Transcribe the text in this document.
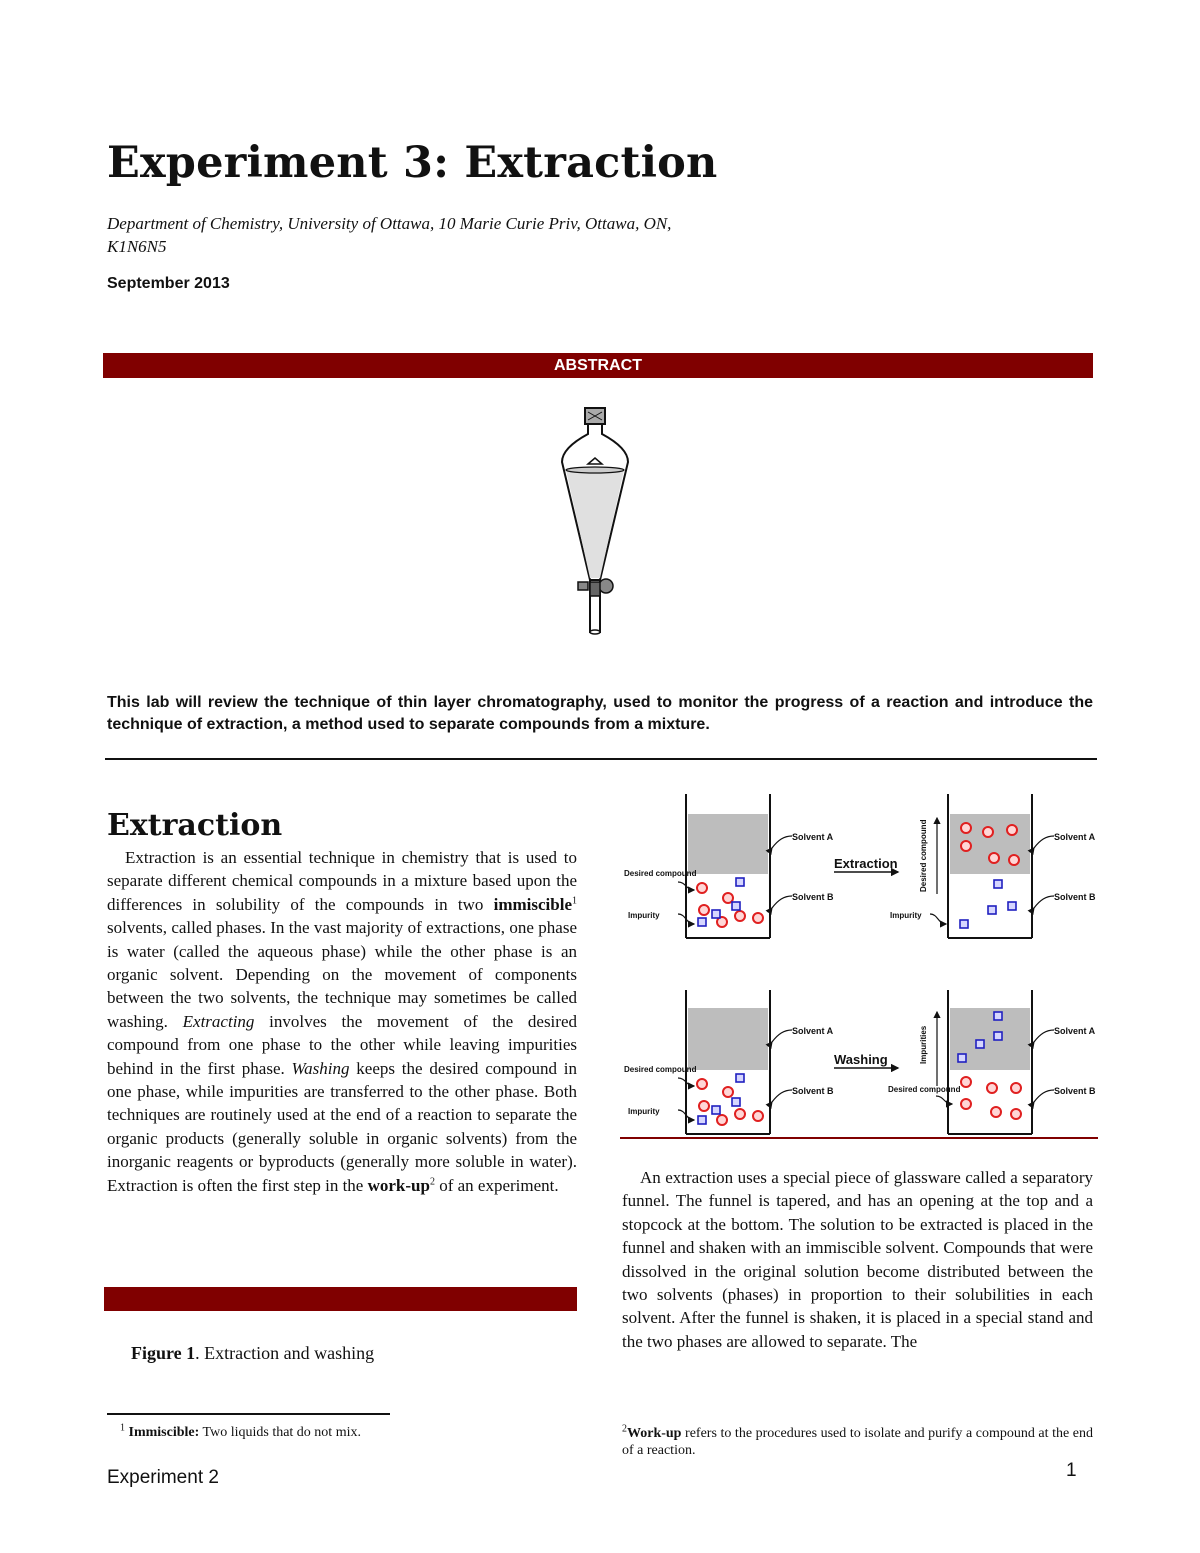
Experiment 3: Extraction
Department of Chemistry, University of Ottawa, 10 Marie Curie Priv, Ottawa, ON,
K1N6N5
September 2013
ABSTRACT
This lab will review the technique of thin layer chromatography, used to monitor the progress of a reaction and introduce the technique of extraction, a method used to separate compounds from a mixture.
Extraction

Extraction is an essential technique in chemistry that is used to separate different chemical compounds in a mixture based upon the differences in solubility of the compounds in two immiscible$^1$ solvents, called phases. In the vast majority of extractions, one phase is water (called the aqueous phase) while the other phase is an organic solvent. Depending on the movement of components between the two solvents, the technique may sometimes be called washing. Extracting involves the movement of the desired compound from one phase to the other while leaving impurities behind in the first phase. Washing keeps the desired compound in one phase, while impurities are transferred to the other phase. Both techniques are routinely used at the end of a reaction to separate the organic products (generally soluble in organic solvents) from the inorganic reagents or byproducts (generally more soluble in water). Extraction is often the first step in the work-$up^2$ of an experiment.

Figure 1. Extraction and washing
Solvent A
Solvent B
Solvent A
Solvent B
Solvent A
Solvent B
Solvent A
Solvent B
Desired compound
Impurity	Impurity
Desired compound
Impurity
Desired compound
Extraction
Washing
Desired compound
Impurities

An extraction uses a special piece of glassware called a separatory funnel. The funnel is tapered, and has an opening at the top and a stopcock at the bottom. The solution to be extracted is placed in the funnel and shaken with an immiscible solvent. Compounds that were dissolved in the original solution become distributed between the two solvents (phases) in proportion to their solubilities in each solvent. After the funnel is shaken, it is placed in a special stand and the two phases are allowed to separate. The

$^1$ Immiscible: Two liquids that do not mix.	$^2$Work-up refers to the procedures used to isolate and purify a compound at the end of a reaction.
Experiment 2	1
